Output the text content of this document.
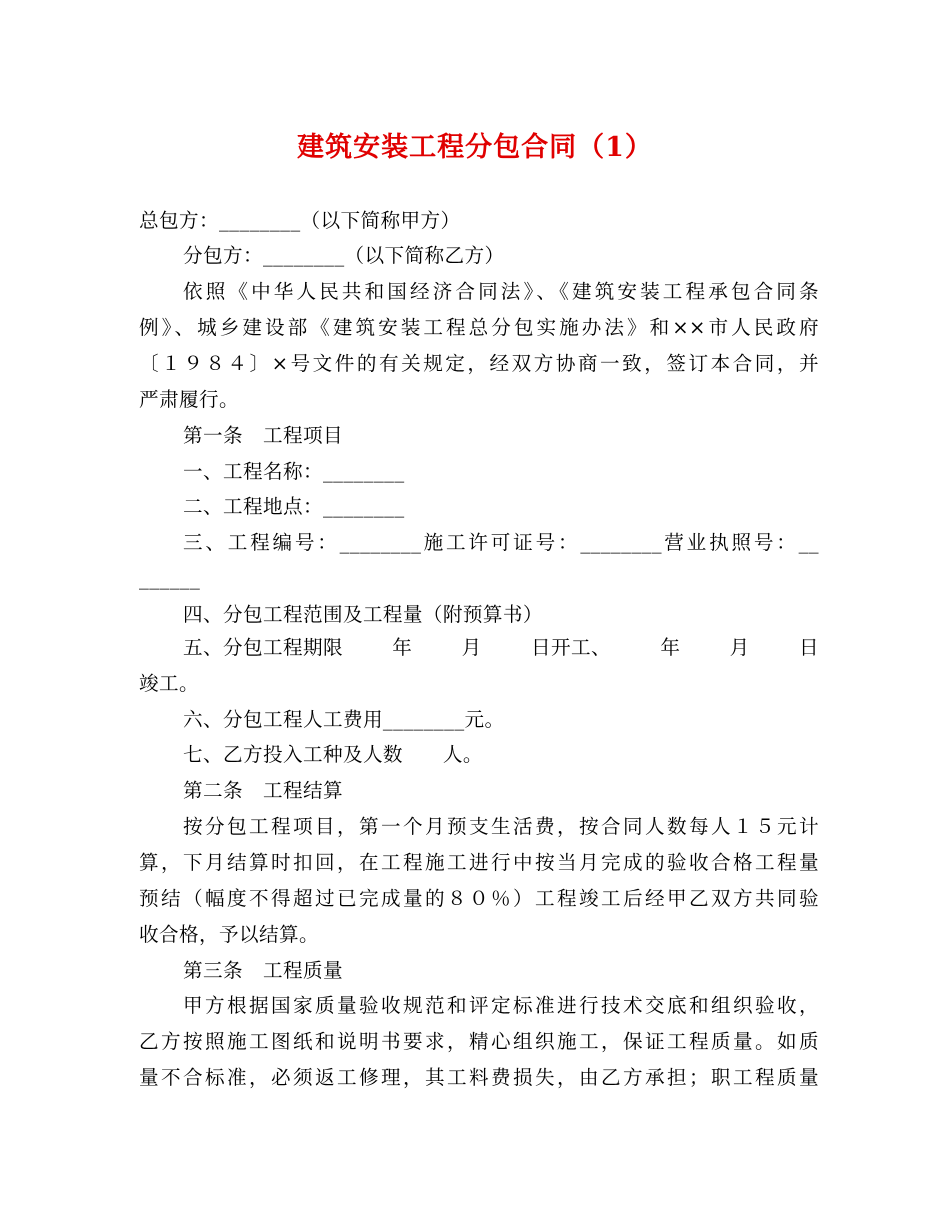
建筑安装工程分包合同（1）
总包方：________（以下简称甲方）
分包方：________（以下简称乙方）
依照《中华人民共和国经济合同法》、《建筑安装工程承包合同条
例》、城乡建设部《建筑安装工程总分包实施办法》和××市人民政府
〔１９８４〕×号文件的有关规定，经双方协商一致，签订本合同，并
严肃履行。
第一条　工程项目
一、工程名称：________
二、工程地点：________
三、工程编号：________施工许可证号：________营业执照号：__
______
四、分包工程范围及工程量（附预算书）
五、分包工程期限	年	月	日开工、	年	月	日
竣工。
六、分包工程人工费用________元。
七、乙方投入工种及人数　　人。
第二条　工程结算
按分包工程项目，第一个月预支生活费，按合同人数每人１５元计
算，下月结算时扣回，在工程施工进行中按当月完成的验收合格工程量
预结（幅度不得超过已完成量的８０％）工程竣工后经甲乙双方共同验
收合格，予以结算。
第三条　工程质量
甲方根据国家质量验收规范和评定标准进行技术交底和组织验收，
乙方按照施工图纸和说明书要求，精心组织施工，保证工程质量。如质
量不合标准，必须返工修理，其工料费损失，由乙方承担；职工程质量
